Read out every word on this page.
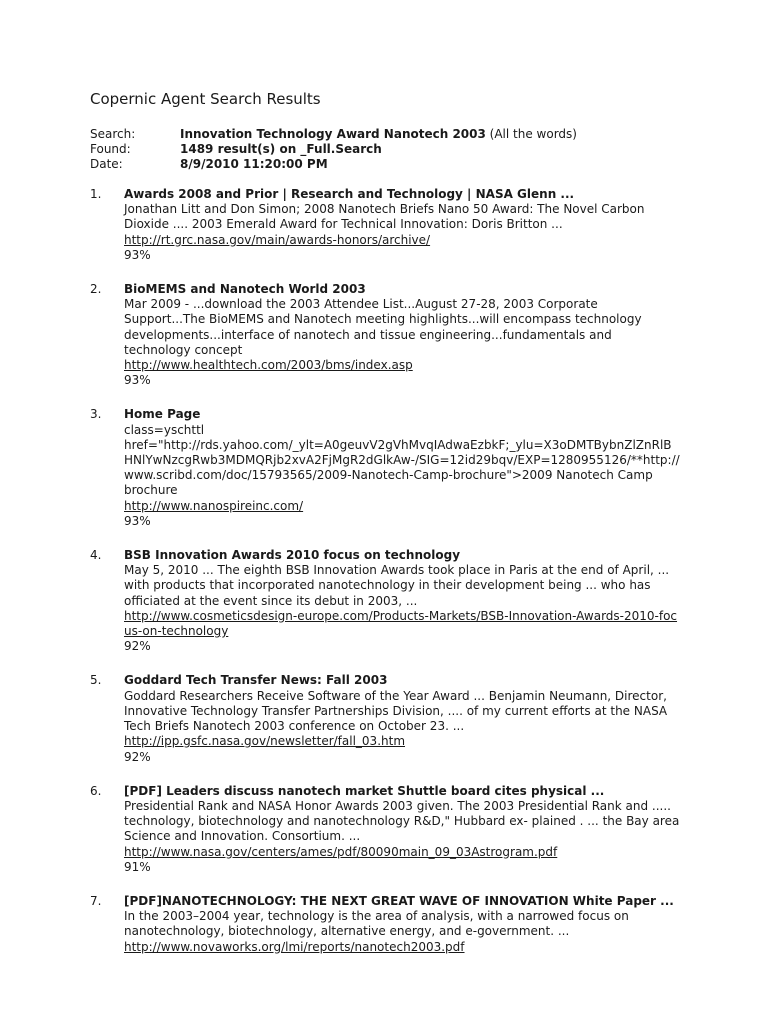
Copernic Agent Search Results
Search:	Innovation Technology Award Nanotech 2003 (All the words)
Found:	1489 result(s) on _Full.Search
Date:	8/9/2010 11:20:00 PM
1.	Awards 2008 and Prior | Research and Technology | NASA Glenn ...
Jonathan Litt and Don Simon; 2008 Nanotech Briefs Nano 50 Award: The Novel Carbon Dioxide .... 2003 Emerald Award for Technical Innovation: Doris Britton ...
http://rt.grc.nasa.gov/main/awards-honors/archive/
93%
2.	BioMEMS and Nanotech World 2003
Mar 2009 - ...download the 2003 Attendee List...August 27-28, 2003 Corporate Support...The BioMEMS and Nanotech meeting highlights...will encompass technology developments...interface of nanotech and tissue engineering...fundamentals and technology concept
http://www.healthtech.com/2003/bms/index.asp
93%
3.	Home Page
class=yschttl href="http://rds.yahoo.com/_ylt=A0geuvV2gVhMvqIAdwaEzbkF;_ylu=X3oDMTBybnZlZnRlBHNlYwNzcgRwb3MDMQRjb2xvA2FjMgR2dGlkAw-/SIG=12id29bqv/EXP=1280955126/**http://www.scribd.com/doc/15793565/2009-Nanotech-Camp-brochure">2009 Nanotech Camp brochure
http://www.nanospireinc.com/
93%
4.	BSB Innovation Awards 2010 focus on technology
May 5, 2010 ... The eighth BSB Innovation Awards took place in Paris at the end of April, ... with products that incorporated nanotechnology in their development being ... who has officiated at the event since its debut in 2003, ...
http://www.cosmeticsdesign-europe.com/Products-Markets/BSB-Innovation-Awards-2010-focus-on-technology
92%
5.	Goddard Tech Transfer News: Fall 2003
Goddard Researchers Receive Software of the Year Award ... Benjamin Neumann, Director, Innovative Technology Transfer Partnerships Division, .... of my current efforts at the NASA Tech Briefs Nanotech 2003 conference on October 23. ...
http://ipp.gsfc.nasa.gov/newsletter/fall_03.htm
92%
6.	[PDF] Leaders discuss nanotech market Shuttle board cites physical ...
Presidential Rank and NASA Honor Awards 2003 given. The 2003 Presidential Rank and ..... technology, biotechnology and nanotechnology R&D," Hubbard ex- plained . ... the Bay area Science and Innovation. Consortium. ...
http://www.nasa.gov/centers/ames/pdf/80090main_09_03Astrogram.pdf
91%
7.	[PDF]NANOTECHNOLOGY: THE NEXT GREAT WAVE OF INNOVATION White Paper ...
In the 2003–2004 year, technology is the area of analysis, with a narrowed focus on nanotechnology, biotechnology, alternative energy, and e-government. ...
http://www.novaworks.org/lmi/reports/nanotech2003.pdf
